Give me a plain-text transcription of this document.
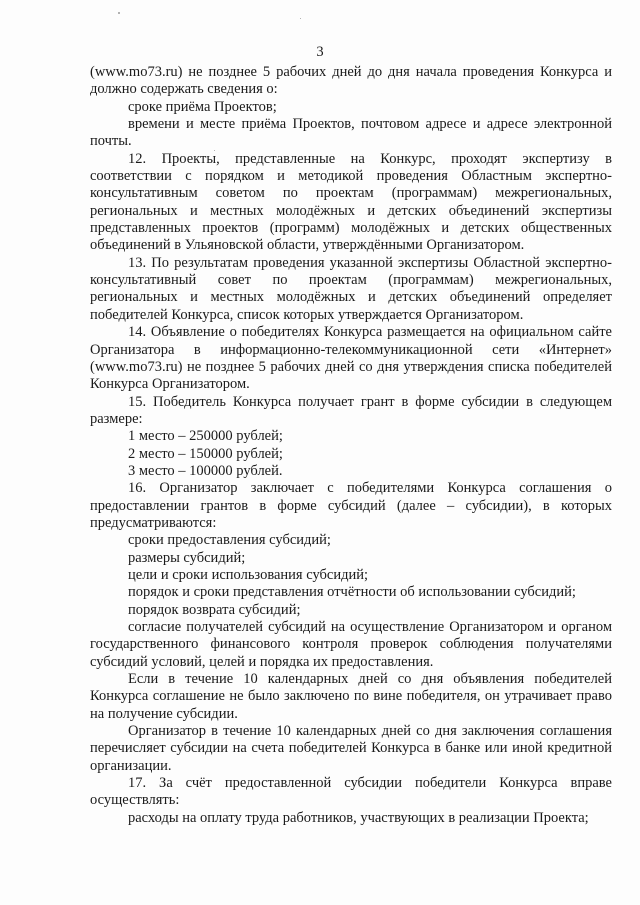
3

(www.mo73.ru) не позднее 5 рабочих дней до дня начала проведения Конкурса и должно содержать сведения о:

сроке приёма Проектов;

времени и месте приёма Проектов, почтовом адресе и адресе электронной почты.

12. Проекты, представленные на Конкурс, проходят экспертизу в соответствии с порядком и методикой проведения Областным экспертно-консультативным советом по проектам (программам) межрегиональных, региональных и местных молодёжных и детских объединений экспертизы представленных проектов (программ) молодёжных и детских общественных объединений в Ульяновской области, утверждёнными Организатором.

13. По результатам проведения указанной экспертизы Областной экспертно-консультативный совет по проектам (программам) межрегиональных, региональных и местных молодёжных и детских объединений определяет победителей Конкурса, список которых утверждается Организатором.

14. Объявление о победителях Конкурса размещается на официальном сайте Организатора в информационно-телекоммуникационной сети «Интернет» (www.mo73.ru) не позднее 5 рабочих дней со дня утверждения списка победителей Конкурса Организатором.

15. Победитель Конкурса получает грант в форме субсидии в следующем размере:

1 место – 250000 рублей;

2 место – 150000 рублей;

3 место – 100000 рублей.

16. Организатор заключает с победителями Конкурса соглашения о предоставлении грантов в форме субсидий (далее – субсидии), в которых предусматриваются:

сроки предоставления субсидий;

размеры субсидий;

цели и сроки использования субсидий;

порядок и сроки представления отчётности об использовании субсидий;

порядок возврата субсидий;

согласие получателей субсидий на осуществление Организатором и органом государственного финансового контроля проверок соблюдения получателями субсидий условий, целей и порядка их предоставления.

Если в течение 10 календарных дней со дня объявления победителей Конкурса соглашение не было заключено по вине победителя, он утрачивает право на получение субсидии.

Организатор в течение 10 календарных дней со дня заключения соглашения перечисляет субсидии на счета победителей Конкурса в банке или иной кредитной организации.

17. За счёт предоставленной субсидии победители Конкурса вправе осуществлять:

расходы на оплату труда работников, участвующих в реализации Проекта;
